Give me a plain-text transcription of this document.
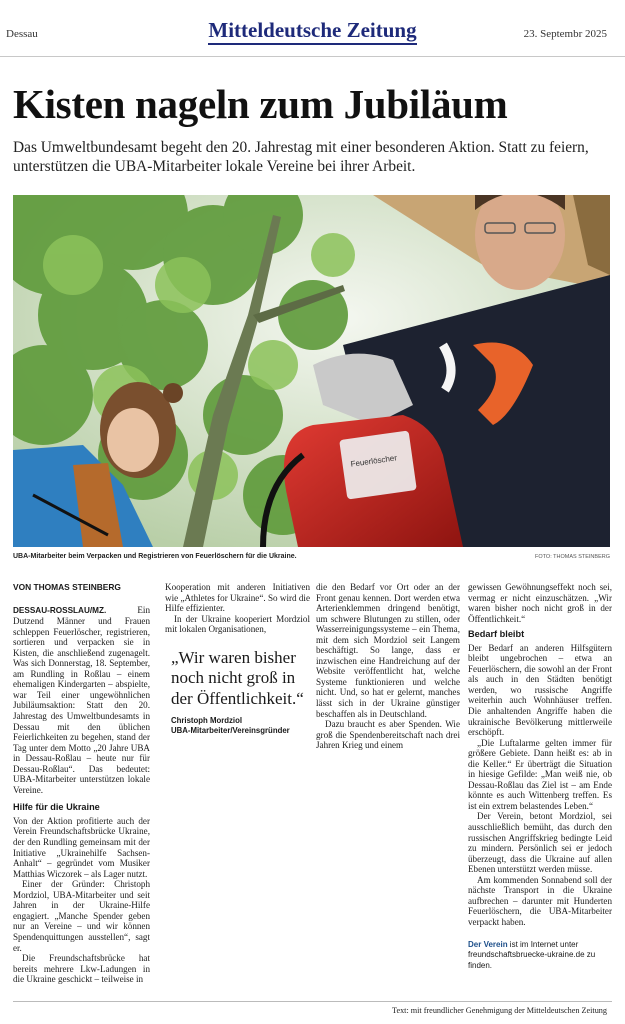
Dessau	Mitteldeutsche Zeitung	23. Septembr 2025
Kisten nageln zum Jubiläum

Das Umweltbundesamt begeht den 20. Jahrestag mit einer besonderen Aktion. Statt zu feiern, unterstützen die UBA-Mitarbeiter lokale Vereine bei ihrer Arbeit.

Feuerlöscher
UBA-Mitarbeiter beim Verpacken und Registrieren von Feuerlöschern für die Ukraine.	FOTO: THOMAS STEINBERG
VON THOMAS STEINBERG

DESSAU-ROSSLAU/MZ.	Ein Dutzend Männer und Frauen schleppen Feuerlöscher, registrieren, sortieren und verpacken sie in Kisten, die anschließend zugenagelt. Was sich Donnerstag, 18. September, am Rundling in Roßlau – einem ehemaligen Kindergarten – abspielte, war Teil einer ungewöhnlichen Jubiläumsaktion: Statt den 20. Jahrestag des Umweltbundesamts in Dessau mit den üblichen Feierlichkeiten zu begehen, stand der Tag unter dem Motto „20 Jahre UBA in Dessau-Roßlau – heute nur für Dessau-Roßlau“. Das bedeutet: UBA-Mitarbeiter unterstützen lokale Vereine.

Hilfe für die Ukraine

Von der Aktion profitierte auch der Verein Freundschaftsbrücke Ukraine, der den Rundling gemeinsam mit der Initiative „Ukrainehilfe Sachsen-Anhalt“ – gegründet vom Musiker Matthias Wiczorek – als Lager nutzt.

Einer der Gründer: Christoph Mordziol, UBA-Mitarbeiter und seit Jahren in der Ukraine-Hilfe engagiert. „Manche Spender geben nur an Vereine – und wir können Spendenquittungen ausstellen“, sagt er.

Die Freundschaftsbrücke hat bereits mehrere Lkw-Ladungen in die Ukraine geschickt – teilweise in

Kooperation mit anderen Initiativen wie „Athletes for Ukraine“. So wird die Hilfe effizienter.

In der Ukraine kooperiert Mordziol mit lokalen Organisationen,

„Wir waren bisher noch nicht groß in der Öffentlichkeit.“
Christoph Mordziol
UBA-Mitarbeiter/Vereinsgründer

die den Bedarf vor Ort oder an der Front genau kennen. Dort werden etwa Arterienklemmen dringend benötigt, um schwere Blutungen zu stillen, oder Wasserreinigungssysteme – ein Thema, mit dem sich Mordziol seit Langem beschäftigt. So lange, dass er inzwischen eine Handreichung auf der Website veröffentlicht hat, welche Systeme funktionieren und welche nicht. Und, so hat er gelernt, manches lässt sich in der Ukraine günstiger beschaffen als in Deutschland.

Dazu braucht es aber Spenden. Wie groß die Spendenbereitschaft nach drei Jahren Krieg und einem

gewissen Gewöhnungseffekt noch sei, vermag er nicht einzuschätzen. „Wir waren bisher noch nicht groß in der Öffentlichkeit.“

Bedarf bleibt

Der Bedarf an anderen Hilfsgütern bleibt ungebrochen – etwa an Feuerlöschern, die sowohl an der Front als auch in den Städten benötigt werden, wo russische Angriffe weiterhin auch Wohnhäuser treffen. Die anhaltenden Angriffe haben die ukrainische Bevölkerung mittlerweile erschöpft.

„Die Luftalarme gelten immer für größere Gebiete. Dann heißt es: ab in die Keller.“ Er überträgt die Situation in hiesige Gefilde: „Man weiß nie, ob Dessau-Roßlau das Ziel ist – am Ende könnte es auch Wittenberg treffen. Es ist ein extrem belastendes Leben.“

Der Verein, betont Mordziol, sei ausschließlich bemüht, das durch den russischen Angriffskrieg bedingte Leid zu mindern. Persönlich sei er jedoch überzeugt, dass die Ukraine auf allen Ebenen unterstützt werden müsse.

Am kommenden Sonnabend soll der nächste Transport in die Ukraine aufbrechen – darunter mit Hunderten Feuerlöschern, die UBA-Mitarbeiter verpackt haben.

Der Verein ist im Internet unter freundschaftsbruecke-ukraine.de zu finden.
Text: mit freundlicher Genehmigung der Mitteldeutschen Zeitung
